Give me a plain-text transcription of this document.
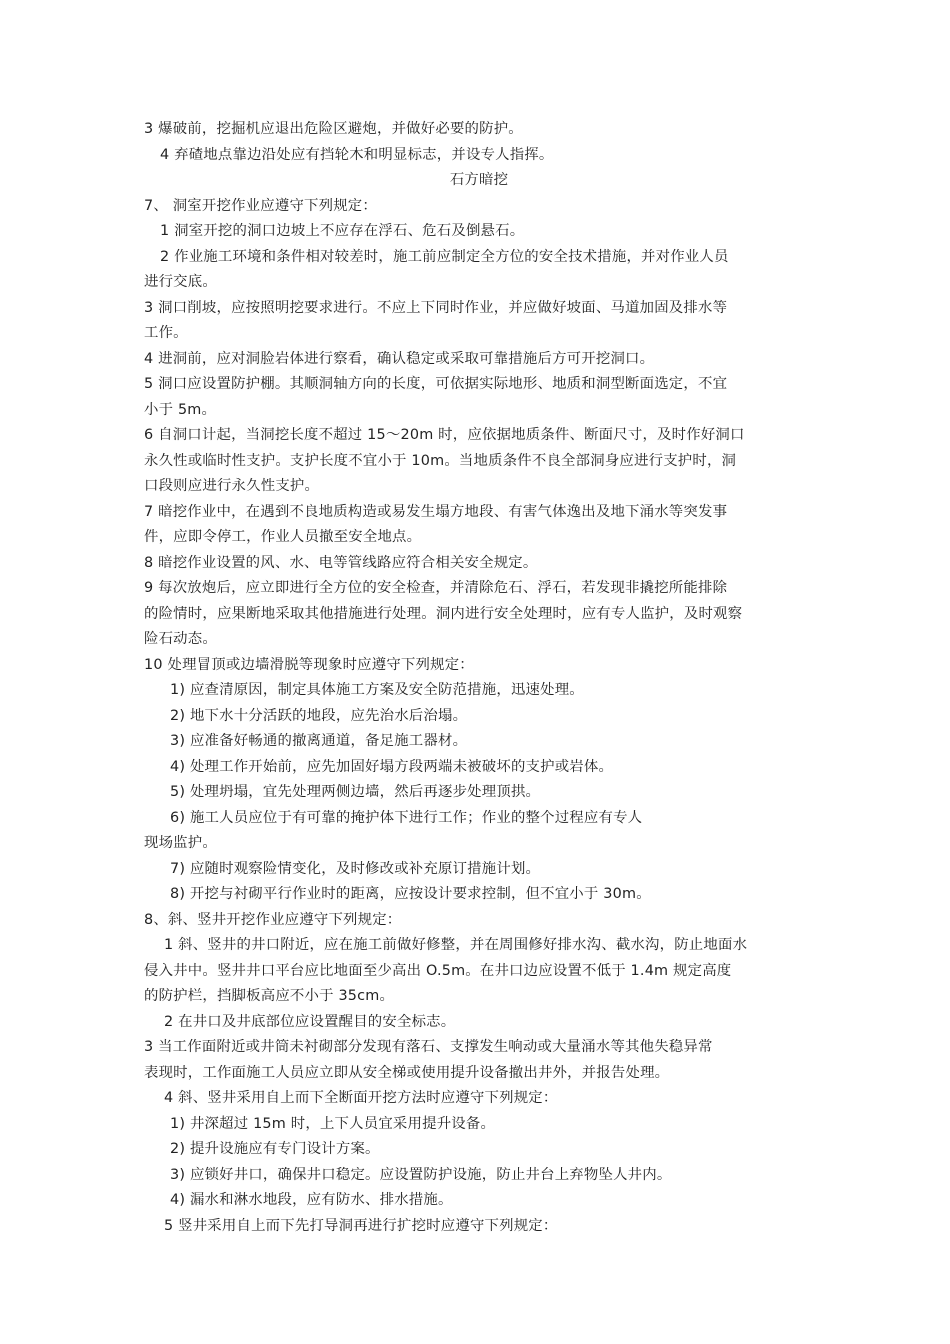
3 爆破前，挖掘机应退出危险区避炮，并做好必要的防护。
4 弃碴地点靠边沿处应有挡轮木和明显标志，并设专人指挥。
石方暗挖
7、 洞室开挖作业应遵守下列规定：
1 洞室开挖的洞口边坡上不应存在浮石、危石及倒悬石。
2 作业施工环境和条件相对较差时，施工前应制定全方位的安全技术措施，并对作业人员
进行交底。
3 洞口削坡，应按照明挖要求进行。不应上下同时作业，并应做好坡面、马道加固及排水等
工作。
4 进洞前，应对洞脸岩体进行察看，确认稳定或采取可靠措施后方可开挖洞口。
5 洞口应设置防护棚。其顺洞轴方向的长度，可依据实际地形、地质和洞型断面选定，不宜
小于 5m。
6 自洞口计起，当洞挖长度不超过 15～20m 时，应依据地质条件、断面尺寸，及时作好洞口
永久性或临时性支护。支护长度不宜小于 10m。当地质条件不良全部洞身应进行支护时，洞
口段则应进行永久性支护。
7 暗挖作业中，在遇到不良地质构造或易发生塌方地段、有害气体逸出及地下涌水等突发事
件，应即令停工，作业人员撤至安全地点。
8 暗挖作业设置的风、水、电等管线路应符合相关安全规定。
9 每次放炮后，应立即进行全方位的安全检查，并清除危石、浮石，若发现非撬挖所能排除
的险情时，应果断地采取其他措施进行处理。洞内进行安全处理时，应有专人监护，及时观察
险石动态。
10 处理冒顶或边墙滑脱等现象时应遵守下列规定：
1) 应查清原因，制定具体施工方案及安全防范措施，迅速处理。
2) 地下水十分活跃的地段，应先治水后治塌。
3) 应准备好畅通的撤离通道，备足施工器材。
4) 处理工作开始前，应先加固好塌方段两端未被破坏的支护或岩体。
5) 处理坍塌，宜先处理两侧边墙，然后再逐步处理顶拱。
6) 施工人员应位于有可靠的掩护体下进行工作；作业的整个过程应有专人
现场监护。
7) 应随时观察险情变化，及时修改或补充原订措施计划。
8) 开挖与衬砌平行作业时的距离，应按设计要求控制，但不宜小于 30m。
8、斜、竖井开挖作业应遵守下列规定：
1 斜、竖井的井口附近，应在施工前做好修整，并在周围修好排水沟、截水沟，防止地面水
侵入井中。竖井井口平台应比地面至少高出 O.5m。在井口边应设置不低于 1.4m 规定高度
的防护栏，挡脚板高应不小于 35cm。
2 在井口及井底部位应设置醒目的安全标志。
3 当工作面附近或井筒未衬砌部分发现有落石、支撑发生响动或大量涌水等其他失稳异常
表现时，工作面施工人员应立即从安全梯或使用提升设备撤出井外，并报告处理。
4 斜、竖井采用自上而下全断面开挖方法时应遵守下列规定：
1) 井深超过 15m 时，上下人员宜采用提升设备。
2) 提升设施应有专门设计方案。
3) 应锁好井口，确保井口稳定。应设置防护设施，防止井台上弃物坠人井内。
4) 漏水和淋水地段，应有防水、排水措施。
5 竖井采用自上而下先打导洞再进行扩挖时应遵守下列规定：
